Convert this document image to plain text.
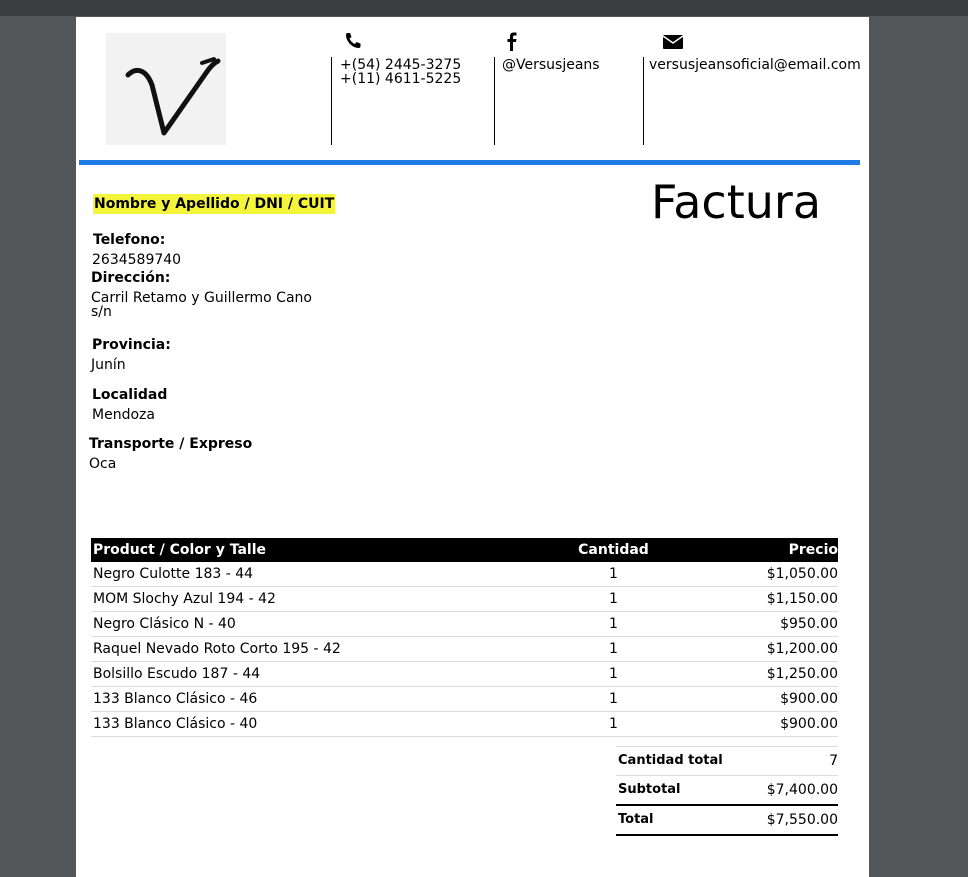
+(54) 2445-3275
+(11) 4611-5225
@Versusjeans	versusjeansoficial@email.com
Factura
Nombre y Apellido / DNI / CUIT
Telefono:
2634589740
Dirección:
Carril Retamo y Guillermo Cano
s/n
Provincia:
Junín
Localidad
Mendoza
Transporte / Expreso
Oca
Product / Color y Talle	Cantidad	Precio
Negro Culotte 183 - 44	1	$1,050.00
MOM Slochy Azul 194 - 42	1	$1,150.00
Negro Clásico N - 40	1	$950.00
Raquel Nevado Roto Corto 195 - 42	1	$1,200.00
Bolsillo Escudo 187 - 44	1	$1,250.00
133 Blanco Clásico - 46	1	$900.00
133 Blanco Clásico - 40	1	$900.00
Cantidad total	7
Subtotal	$7,400.00
Total	$7,550.00
